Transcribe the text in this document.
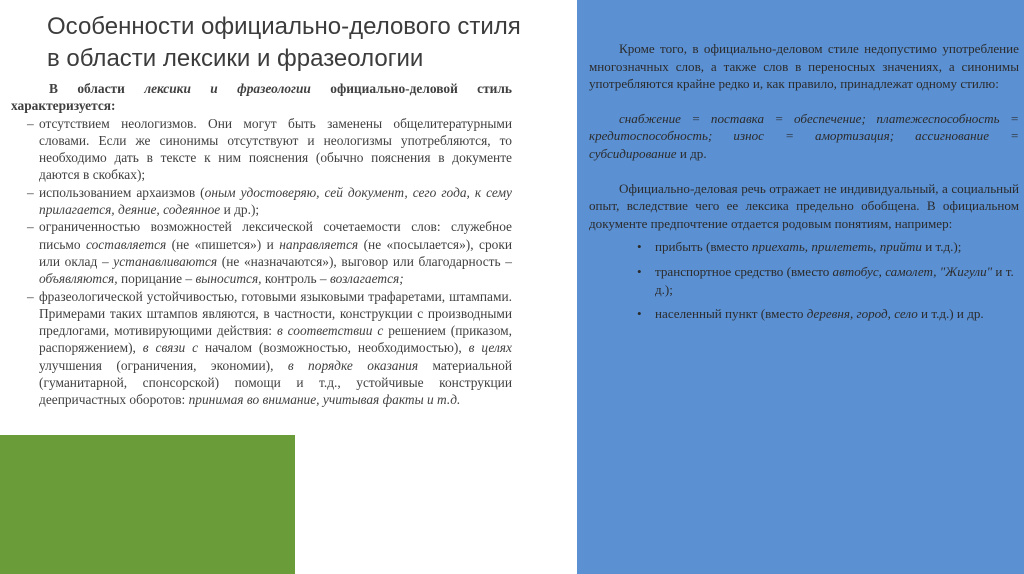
Особенности официально-делового стиля
в области лексики и фразеологии

В области лексики и фразеологии официально-деловой стиль характеризуется:

– отсутствием неологизмов. Они могут быть заменены общелитературными словами. Если же синонимы отсутствуют и неологизмы употребляются, то необходимо дать в тексте к ним пояснения (обычно пояснения в документе даются в скобках);
– использованием архаизмов (оным удостоверяю, сей документ, сего года, к сему прилагается, деяние, содеянное и др.);
– ограниченностью возможностей лексической сочетаемости слов: служебное письмо составляется (не «пишется») и направляется (не «посылается»), сроки или оклад – устанавливаются (не «назначаются»), выговор или благодарность – объявляются, порицание – выносится, контроль – возлагается;
– фразеологической устойчивостью, готовыми языковыми трафаретами, штампами. Примерами таких штампов являются, в частности, конструкции с производными предлогами, мотивирующими действия: в соответствии с решением (приказом, распоряжением), в связи с началом (возможностью, необходимостью), в целях улучшения (ограничения, экономии), в порядке оказания материальной (гуманитарной, спонсорской) помощи и т.д., устойчивые конструкции деепричастных оборотов: принимая во внимание, учитывая факты и т.д.

Кроме того, в официально-деловом стиле недопустимо употребление многозначных слов, а также слов в переносных значениях, а синонимы употребляются крайне редко и, как правило, принадлежат одному стилю:

снабжение = поставка = обеспечение; платежеспособность = кредитоспособность; износ = амортизация; ассигнование = субсидирование и др.

Официально-деловая речь отражает не индивидуальный, а социальный опыт, вследствие чего ее лексика предельно обобщена. В официальном документе предпочтение отдается родовым понятиям, например:

• прибыть (вместо приехать, прилететь, прийти и т.д.);
• транспортное средство (вместо автобус, самолет, "Жигули" и т. д.);
• населенный пункт (вместо деревня, город, село и т.д.) и др.
